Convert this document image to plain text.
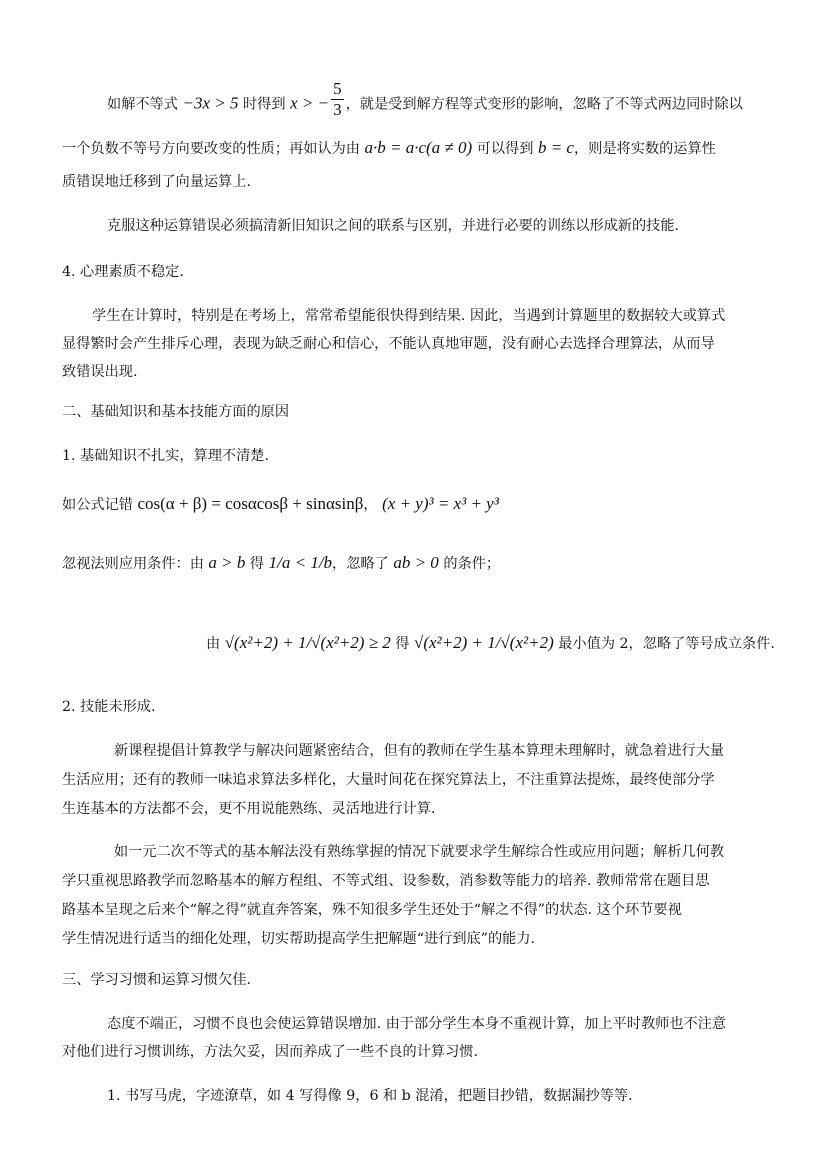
如解不等式 −3x > 5 时得到 x > − $\frac{5}{3}$ ，就是受到解方程等式变形的影响，忽略了不等式两边同时除以
一个负数不等号方向要改变的性质；再如认为由 a·b = a·c(a ≠ 0) 可以得到 b = c，则是将实数的运算性
质错误地迁移到了向量运算上.
克服这种运算错误必须搞清新旧知识之间的联系与区别，并进行必要的训练以形成新的技能.
4. 心理素质不稳定.
学生在计算时，特别是在考场上，常常希望能很快得到结果. 因此，当遇到计算题里的数据较大或算式
显得繁时会产生排斥心理，表现为缺乏耐心和信心，不能认真地审题，没有耐心去选择合理算法，从而导
致错误出现.
二、基础知识和基本技能方面的原因
1. 基础知识不扎实，算理不清楚.
如公式记错 cos(α + β) = cosαcosβ + sinαsinβ， (x + y)³ = x³ + y³
忽视法则应用条件：由 a > b 得 1/a < 1/b，忽略了 ab > 0 的条件；
由 √(x²+2) + 1/√(x²+2) ≥ 2 得 √(x²+2) + 1/√(x²+2) 最小值为 2，忽略了等号成立条件.
2. 技能未形成.
新课程提倡计算教学与解决问题紧密结合，但有的教师在学生基本算理未理解时，就急着进行大量
生活应用；还有的教师一味追求算法多样化，大量时间花在探究算法上，不注重算法提炼，最终使部分学
生连基本的方法都不会，更不用说能熟练、灵活地进行计算.
如一元二次不等式的基本解法没有熟练掌握的情况下就要求学生解综合性或应用问题；解析几何教
学只重视思路教学而忽略基本的解方程组、不等式组、设参数，消参数等能力的培养. 教师常常在题目思
路基本呈现之后来个“解之得”就直奔答案，殊不知很多学生还处于“解之不得”的状态. 这个环节要视
学生情况进行适当的细化处理，切实帮助提高学生把解题“进行到底”的能力.
三、学习习惯和运算习惯欠佳.
态度不端正，习惯不良也会使运算错误增加. 由于部分学生本身不重视计算，加上平时教师也不注意
对他们进行习惯训练，方法欠妥，因而养成了一些不良的计算习惯.
1. 书写马虎，字迹潦草，如 4 写得像 9，6 和 b 混淆，把题目抄错，数据漏抄等等.
